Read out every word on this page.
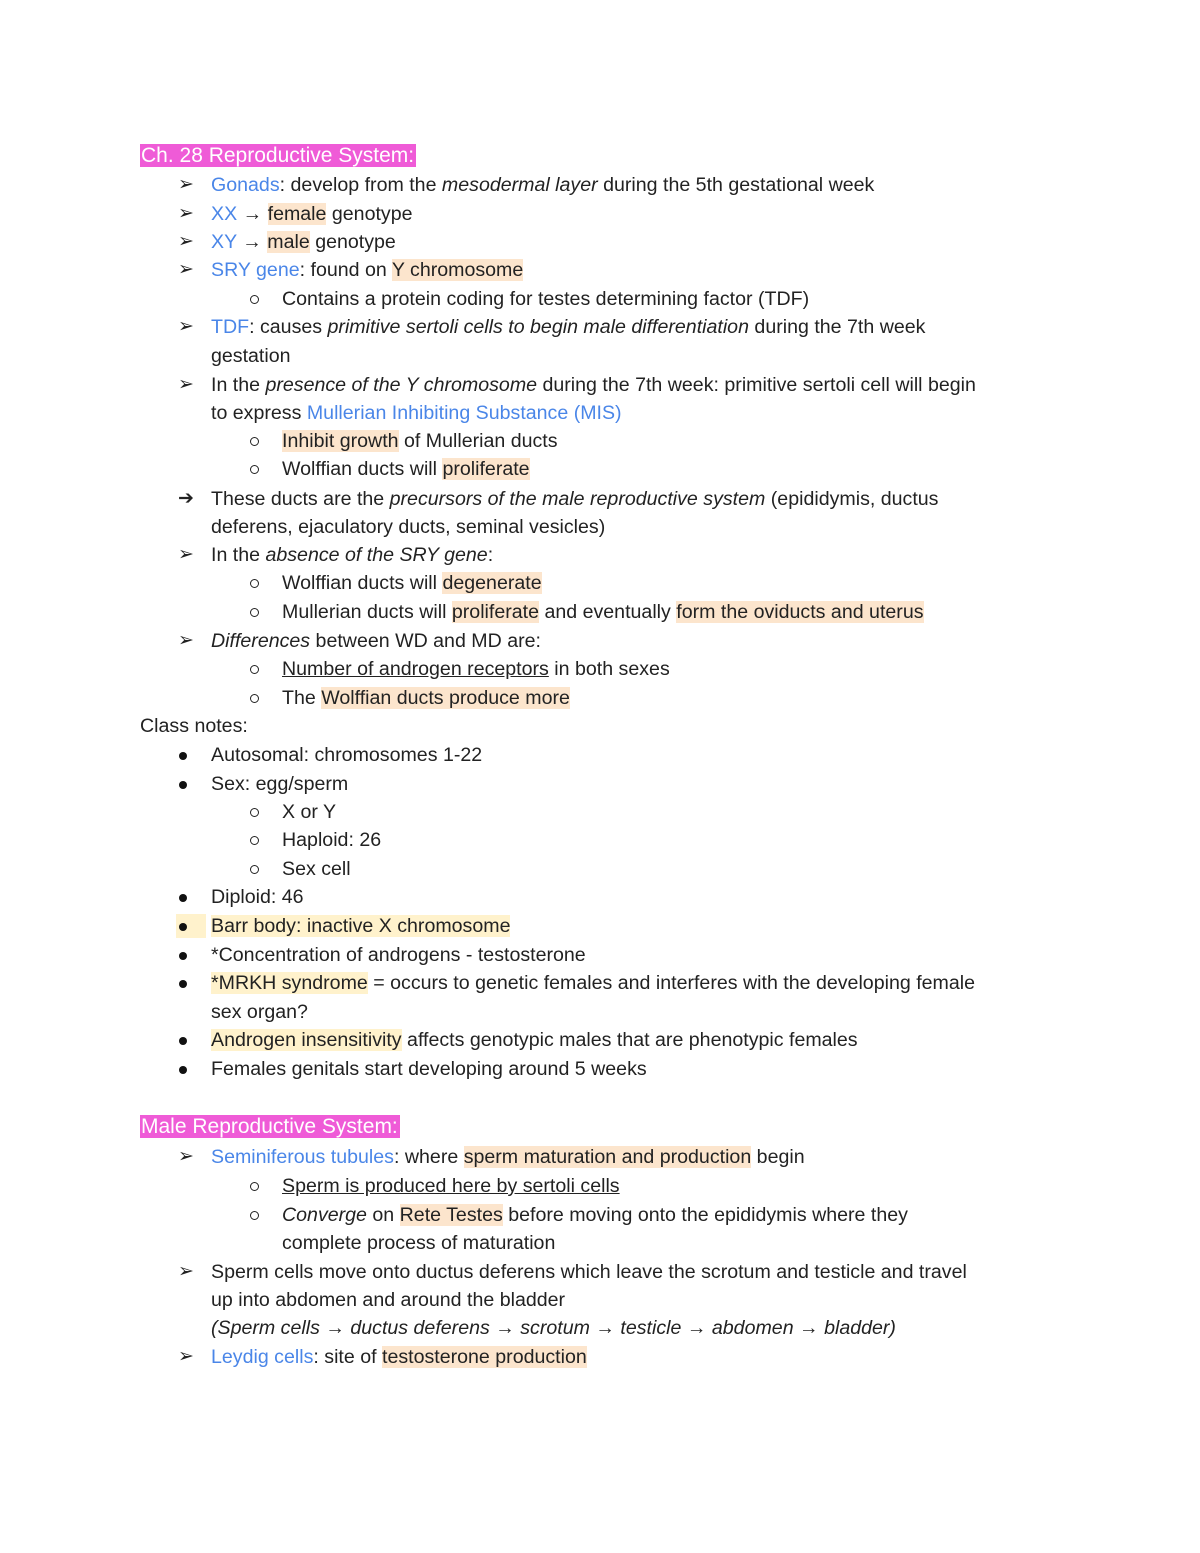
Ch. 28 Reproductive System:
Gonads: develop from the mesodermal layer during the 5th gestational week
➢
XX → female genotype
➢
XY → male genotype
➢
SRY gene: found on Y chromosome
➢
Contains a protein coding for testes determining factor (TDF)
TDF: causes primitive sertoli cells to begin male differentiation during the 7th week
➢
gestation
In the presence of the Y chromosome during the 7th week: primitive sertoli cell will begin
➢
to express Mullerian Inhibiting Substance (MIS)
Inhibit growth of Mullerian ducts
Wolffian ducts will proliferate
These ducts are the precursors of the male reproductive system (epididymis, ductus
➔
deferens, ejaculatory ducts, seminal vesicles)
In the absence of the SRY gene:
➢
Wolffian ducts will degenerate
Mullerian ducts will proliferate and eventually form the oviducts and uterus
Differences between WD and MD are:
➢
Number of androgen receptors in both sexes
The Wolffian ducts produce more
Class notes:
Autosomal: chromosomes 1-22
Sex: egg/sperm
X or Y
Haploid: 26
Sex cell
Diploid: 46
Barr body: inactive X chromosome
*Concentration of androgens - testosterone
*MRKH syndrome = occurs to genetic females and interferes with the developing female
sex organ?
Androgen insensitivity affects genotypic males that are phenotypic females
Females genitals start developing around 5 weeks
Male Reproductive System:
Seminiferous tubules: where sperm maturation and production begin
➢
Sperm is produced here by sertoli cells
Converge on Rete Testes before moving onto the epididymis where they
complete process of maturation
Sperm cells move onto ductus deferens which leave the scrotum and testicle and travel
➢
up into abdomen and around the bladder
(Sperm cells → ductus deferens → scrotum → testicle → abdomen → bladder)
Leydig cells: site of testosterone production
➢
